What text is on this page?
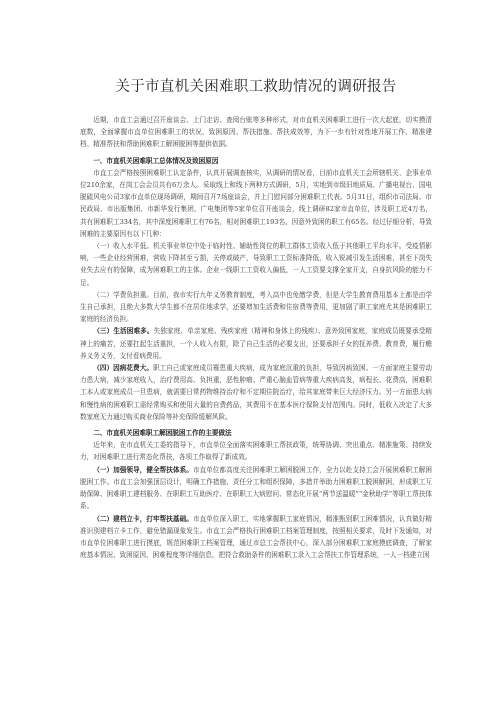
关于市直机关困难职工救助情况的调研报告

近期，市直工会通过召开座谈会、上门走访、查阅台账等多种形式，对市直机关困难职工进行一次大起底，切实摸清底数，全面掌握市直单位困难职工的状况、致困原因、帮扶措施、帮扶成效等，为下一步有针对性地开展工作、精准建档、精准帮扶和帮助困难职工解困脱困等提供依据。

一、市直机关困难职工总体情况及致困原因

市直工会严格按照困难职工认定条件，认真开展调查核实，从调研的情况看，目前市直机关工会所辖机关、企事业单位210余家，在岗工会会员共有6万余人。采取线上和线下两种方式调研，5月，实地到市级旧地质局、广播电视台、国电脱硫风电公司3家市直单位现场调研，期间召开7场座谈会，并上门慰问部分困难职工代表。5月31日，组织市司法局、市民政局、市出版集团、市新华发行集团、广电集团等5家单位召开座谈会，线上调研82家市直单位，涉及职工近4万名，共有困难职工334名，其中深度困难职工有76名，相对困难职工193名，因意外致困的职工有65名。经过仔细分析，导致困难的主要原因有以下几种：

（一）收入水平低。机关事业单位中处于临时性、辅助性岗位的职工群体工资收入低于其他职工平均水平。受疫情影响，一些企业经营困难，营收下降甚至亏损，关停或破产，导致职工工资标准降低，收入锐减引发生活困难，甚至下岗失业失去应有的保障，成为困难职工的主体。企业一线职工工资收入偏低，一人工资要支撑全家开支，自身抗风险的能力不足。

（二）学费负担重。目前，我市实行九年义务教育制度，考入高中也免缴学费，但是大学生教育费用基本上都是由学生自己承担，且绝大多数大学生都不在居住地求学，还要增加生活费和住宿费等费用，更加剧了职工家庭尤其是困难职工家庭的经济负担。

（三）生活困难多。失独家庭、单亲家庭、残疾家庭（精神和身体上的残疾）、意外致困家庭，家庭成员既要承受精神上的痛苦，还要扛起生活重担，一个人收入有限，除了自己生活的必要支出，还要承担子女的抚养费、教育费，履行赡养义务义务，支付看病费用。

（四）因病花费大。职工自己或家庭成员罹患重大疾病，成为家庭沉重的负担，导致因病致困。一方面家庭主要劳动力患大病，减少家庭收入，治疗费用高、负担重，恶性肿瘤、严重心脑血管病等重大疾病高发，病程长、花费高，困难职工本人或家庭成员一旦患病，就需要日常药物维持治疗和不定期住院治疗，给其家庭带来巨大经济压力。另一方面患大病和慢性病的困难职工需经常购买和使用大量的自费药品，其费用不在基本医疗保险支付范围内。同时，低收入决定了大多数家庭无力通过购买商业保险等补充保险缓解风险。

二、市直机关困难职工解困脱困工作的主要做法

近年来，在市直机关工委的指导下，市直单位全面落实困难职工帮扶政策，统筹协调、突出重点、精准施策、持续发力，对困难职工进行常态化帮扶，各项工作取得了新成效。

（一）加强领导，健全帮扶体系。市直单位都高度关注困难职工解困脱困工作，全力以赴支持工会开展困难职工解困脱困工作。市直工会加强顶层设计，明确工作措施、责任分工和组织保障，多措并举助力困难职工脱困解困，形成职工互助保障、困难职工建档服务、在职职工互助医疗、在职职工大病慰问、常态化开展“两节送温暖”“金秋助学”等职工帮扶体系。

（二）建档立卡，打牢帮扶基础。市直单位深入职工，实地掌握职工家庭情况，精准甄别职工困难情况，认真做好精准识别建档立卡工作，避免错漏现象发生。市直工会严格执行困难职工档案管理制度，按照相关要求，及时下发通知，对市直单位困难职工进行摸底，规范困难职工档案管理，通过市总工会帮扶中心，深入部分困难职工家庭摸底调查，了解家庭基本情况、致困原因、困难程度等详细信息，把符合救助条件的困难职工录入工会帮扶工作管理系统，一人一档建立困
